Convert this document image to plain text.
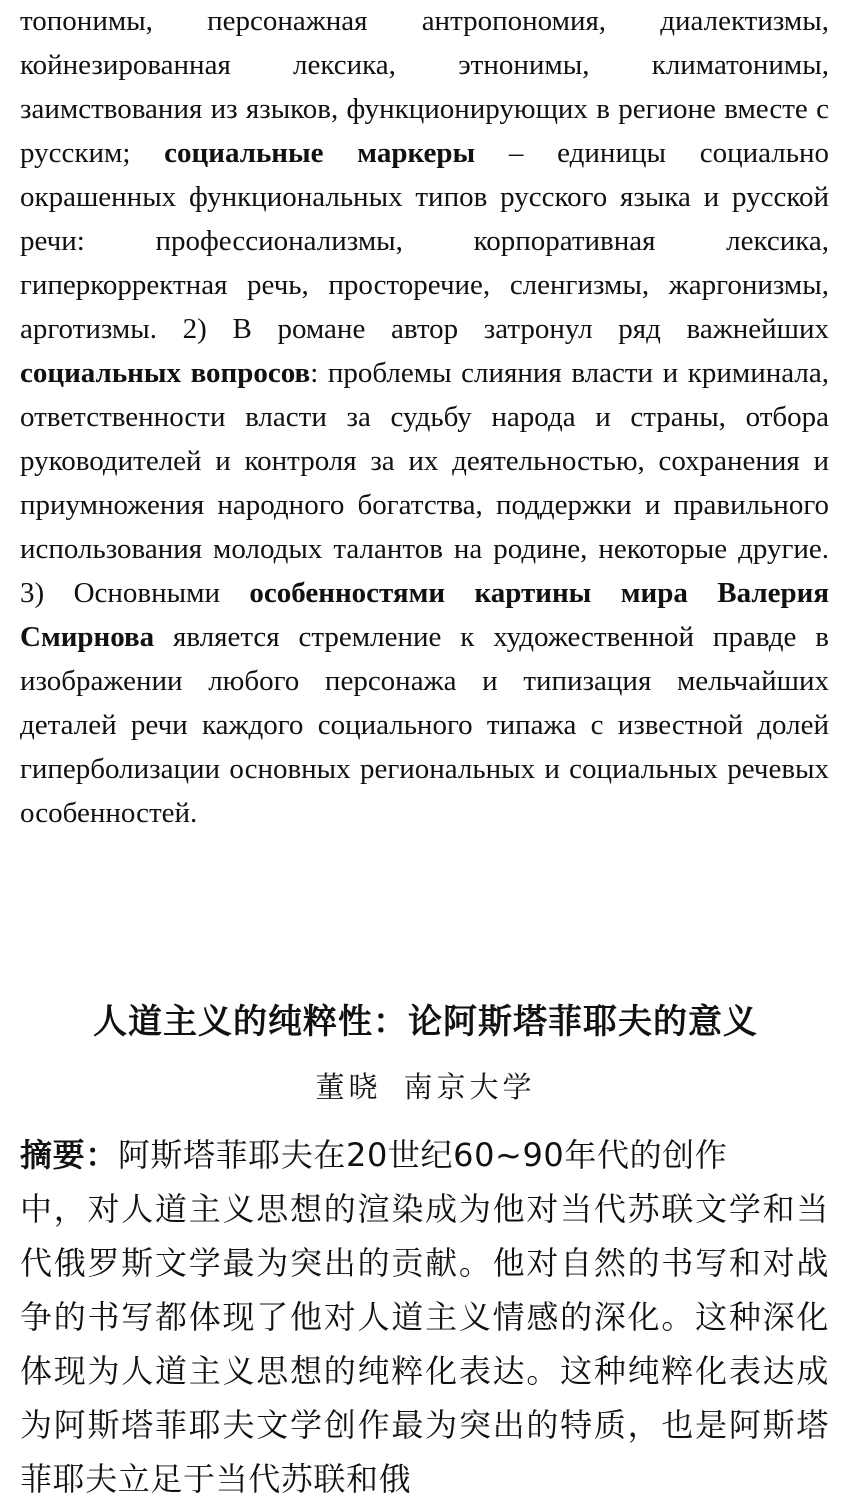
топонимы, персонажная антропономия, диалектизмы, койнезированная лексика, этнонимы, климатонимы, заимствования из языков, функционирующих в регионе вместе с русским; социальные маркеры – единицы социально окрашенных функциональных типов русского языка и русской речи: профессионализмы, корпоративная лексика, гиперкорректная речь, просторечие, сленгизмы, жаргонизмы, арготизмы. 2) В романе автор затронул ряд важнейших социальных вопросов: проблемы слияния власти и криминала, ответственности власти за судьбу народа и страны, отбора руководителей и контроля за их деятельностью, сохранения и приумножения народного богатства, поддержки и правильного использования молодых талантов на родине, некоторые другие. 3) Основными особенностями картины мира Валерия Смирнова является стремление к художественной правде в изображении любого персонажа и типизация мельчайших деталей речи каждого социального типажа с известной долей гиперболизации основных региональных и социальных речевых особенностей.

人道主义的纯粹性：论阿斯塔菲耶夫的意义
董晓 南京大学

摘要：阿斯塔菲耶夫在20世纪60~90年代的创作
中，对人道主义思想的渲染成为他对当代苏联文学和当代俄罗斯文学最为突出的贡献。他对自然的书写和对战争的书写都体现了他对人道主义情感的深化。这种深化体现为人道主义思想的纯粹化表达。这种纯粹化表达成为阿斯塔菲耶夫文学创作最为突出的特质，也是阿斯塔菲耶夫立足于当代苏联和俄
